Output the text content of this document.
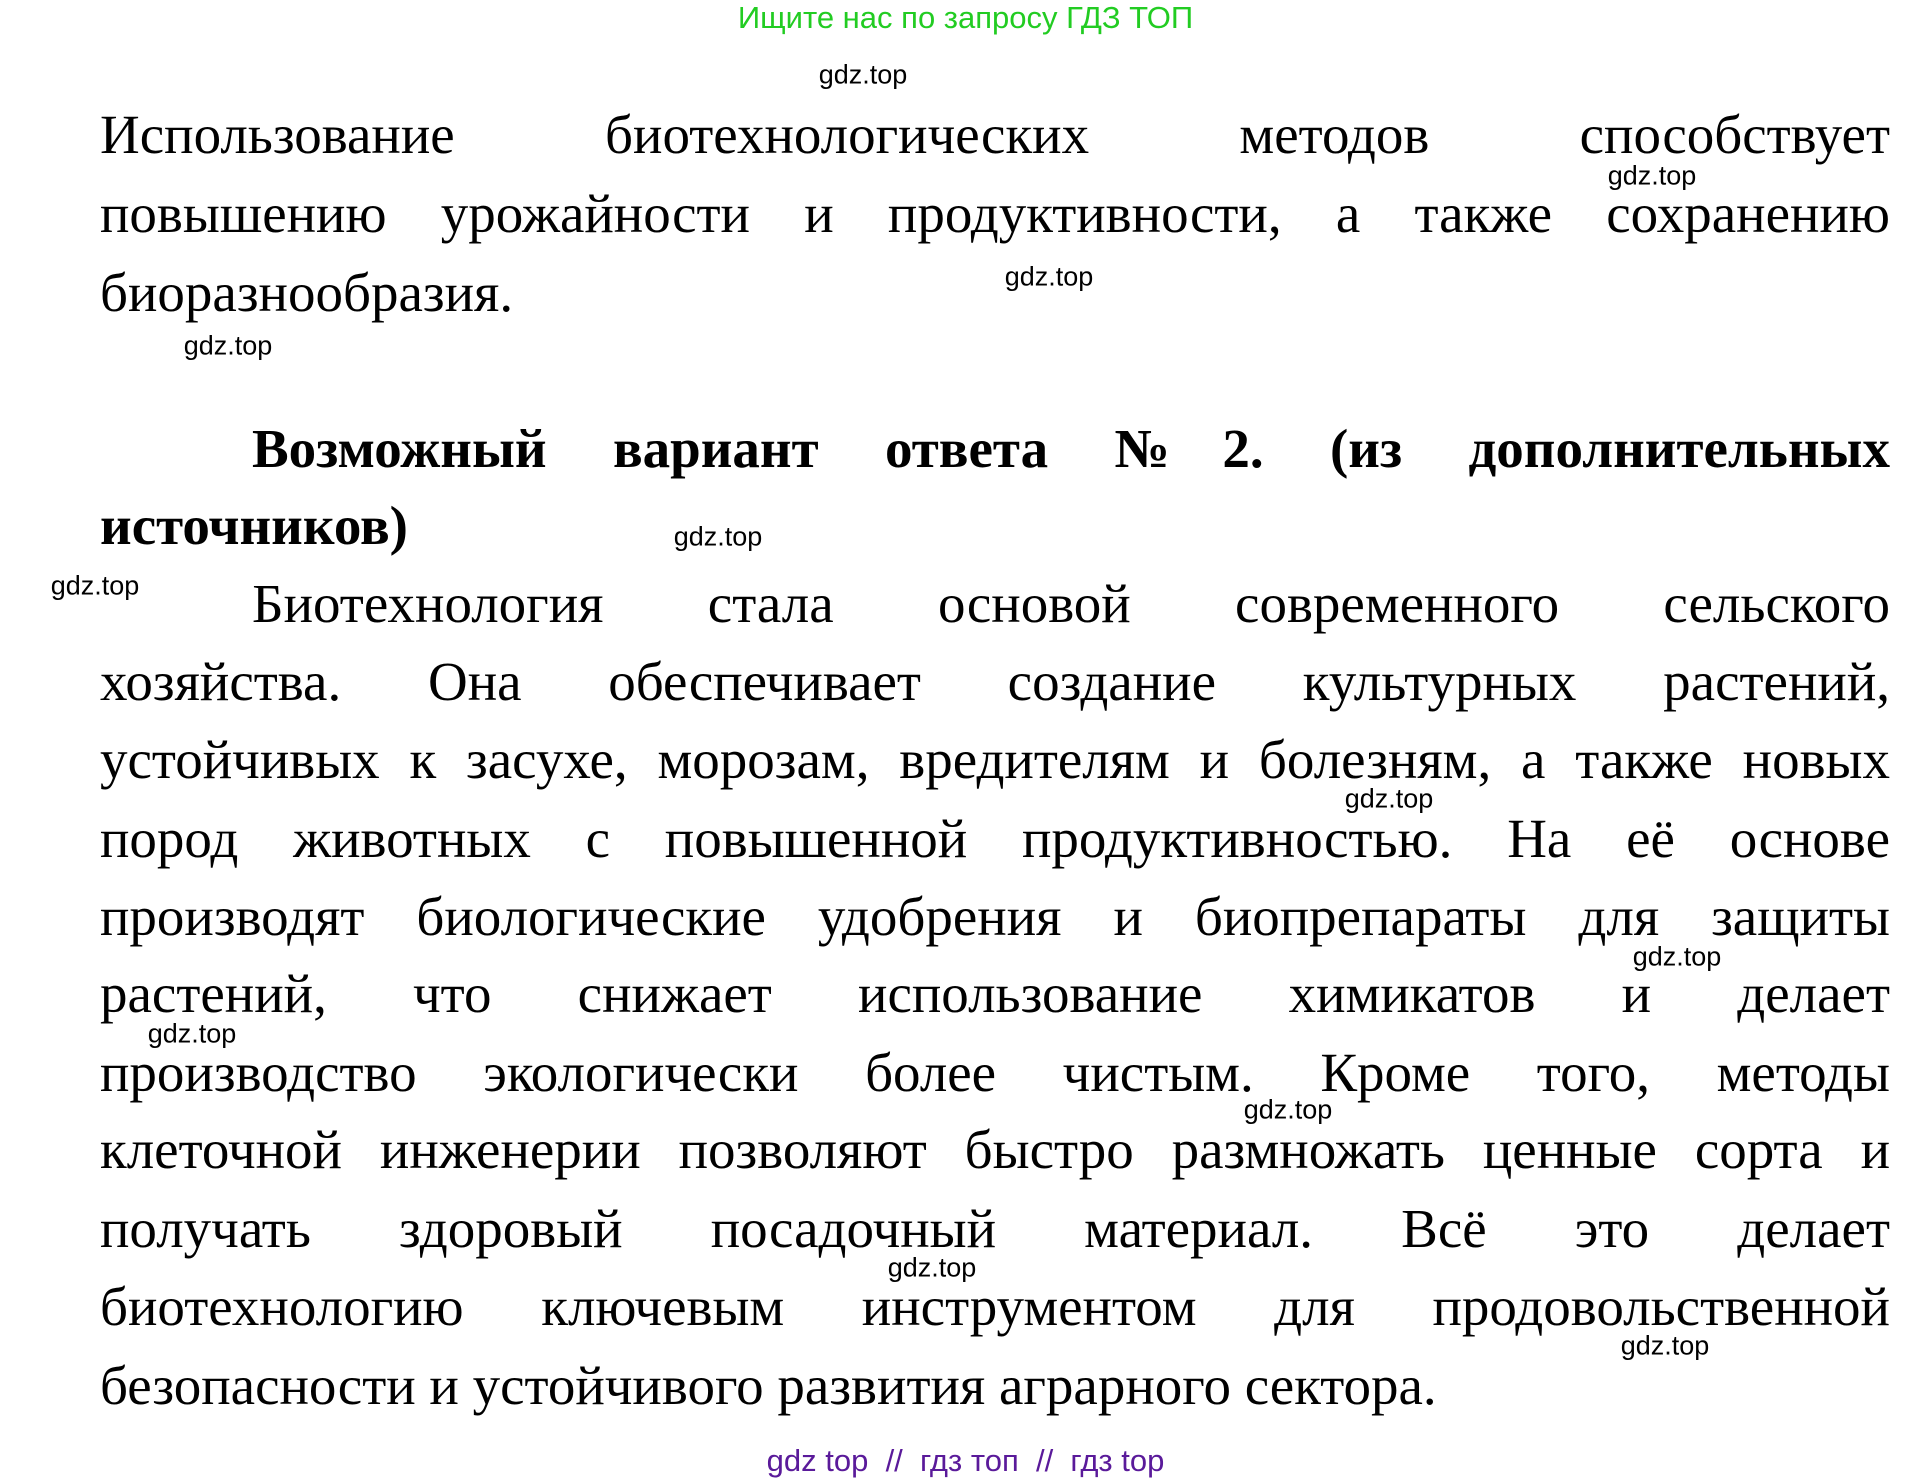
Ищите нас по запросу ГДЗ ТОП
Использование биотехнологических методов способствует
повышению урожайности и продуктивности, а также сохранению
биоразнообразия.
Возможный вариант ответа №2. (из дополнительных
источников)
Биотехнология стала основой современного сельского
хозяйства. Она обеспечивает создание культурных растений,
устойчивых к засухе, морозам, вредителям и болезням, а также новых
пород животных с повышенной продуктивностью. На её основе
производят биологические удобрения и биопрепараты для защиты
растений, что снижает использование химикатов и делает
производство экологически более чистым. Кроме того, методы
клеточной инженерии позволяют быстро размножать ценные сорта и
получать здоровый посадочный материал. Всё это делает
биотехнологию ключевым инструментом для продовольственной
безопасности и устойчивого развития аграрного сектора.
gdz.top
gdz.top
gdz.top
gdz.top
gdz.top
gdz.top
gdz.top
gdz.top
gdz.top
gdz.top
gdz.top
gdz.top
gdz top  //  гдз топ  //  гдз top
